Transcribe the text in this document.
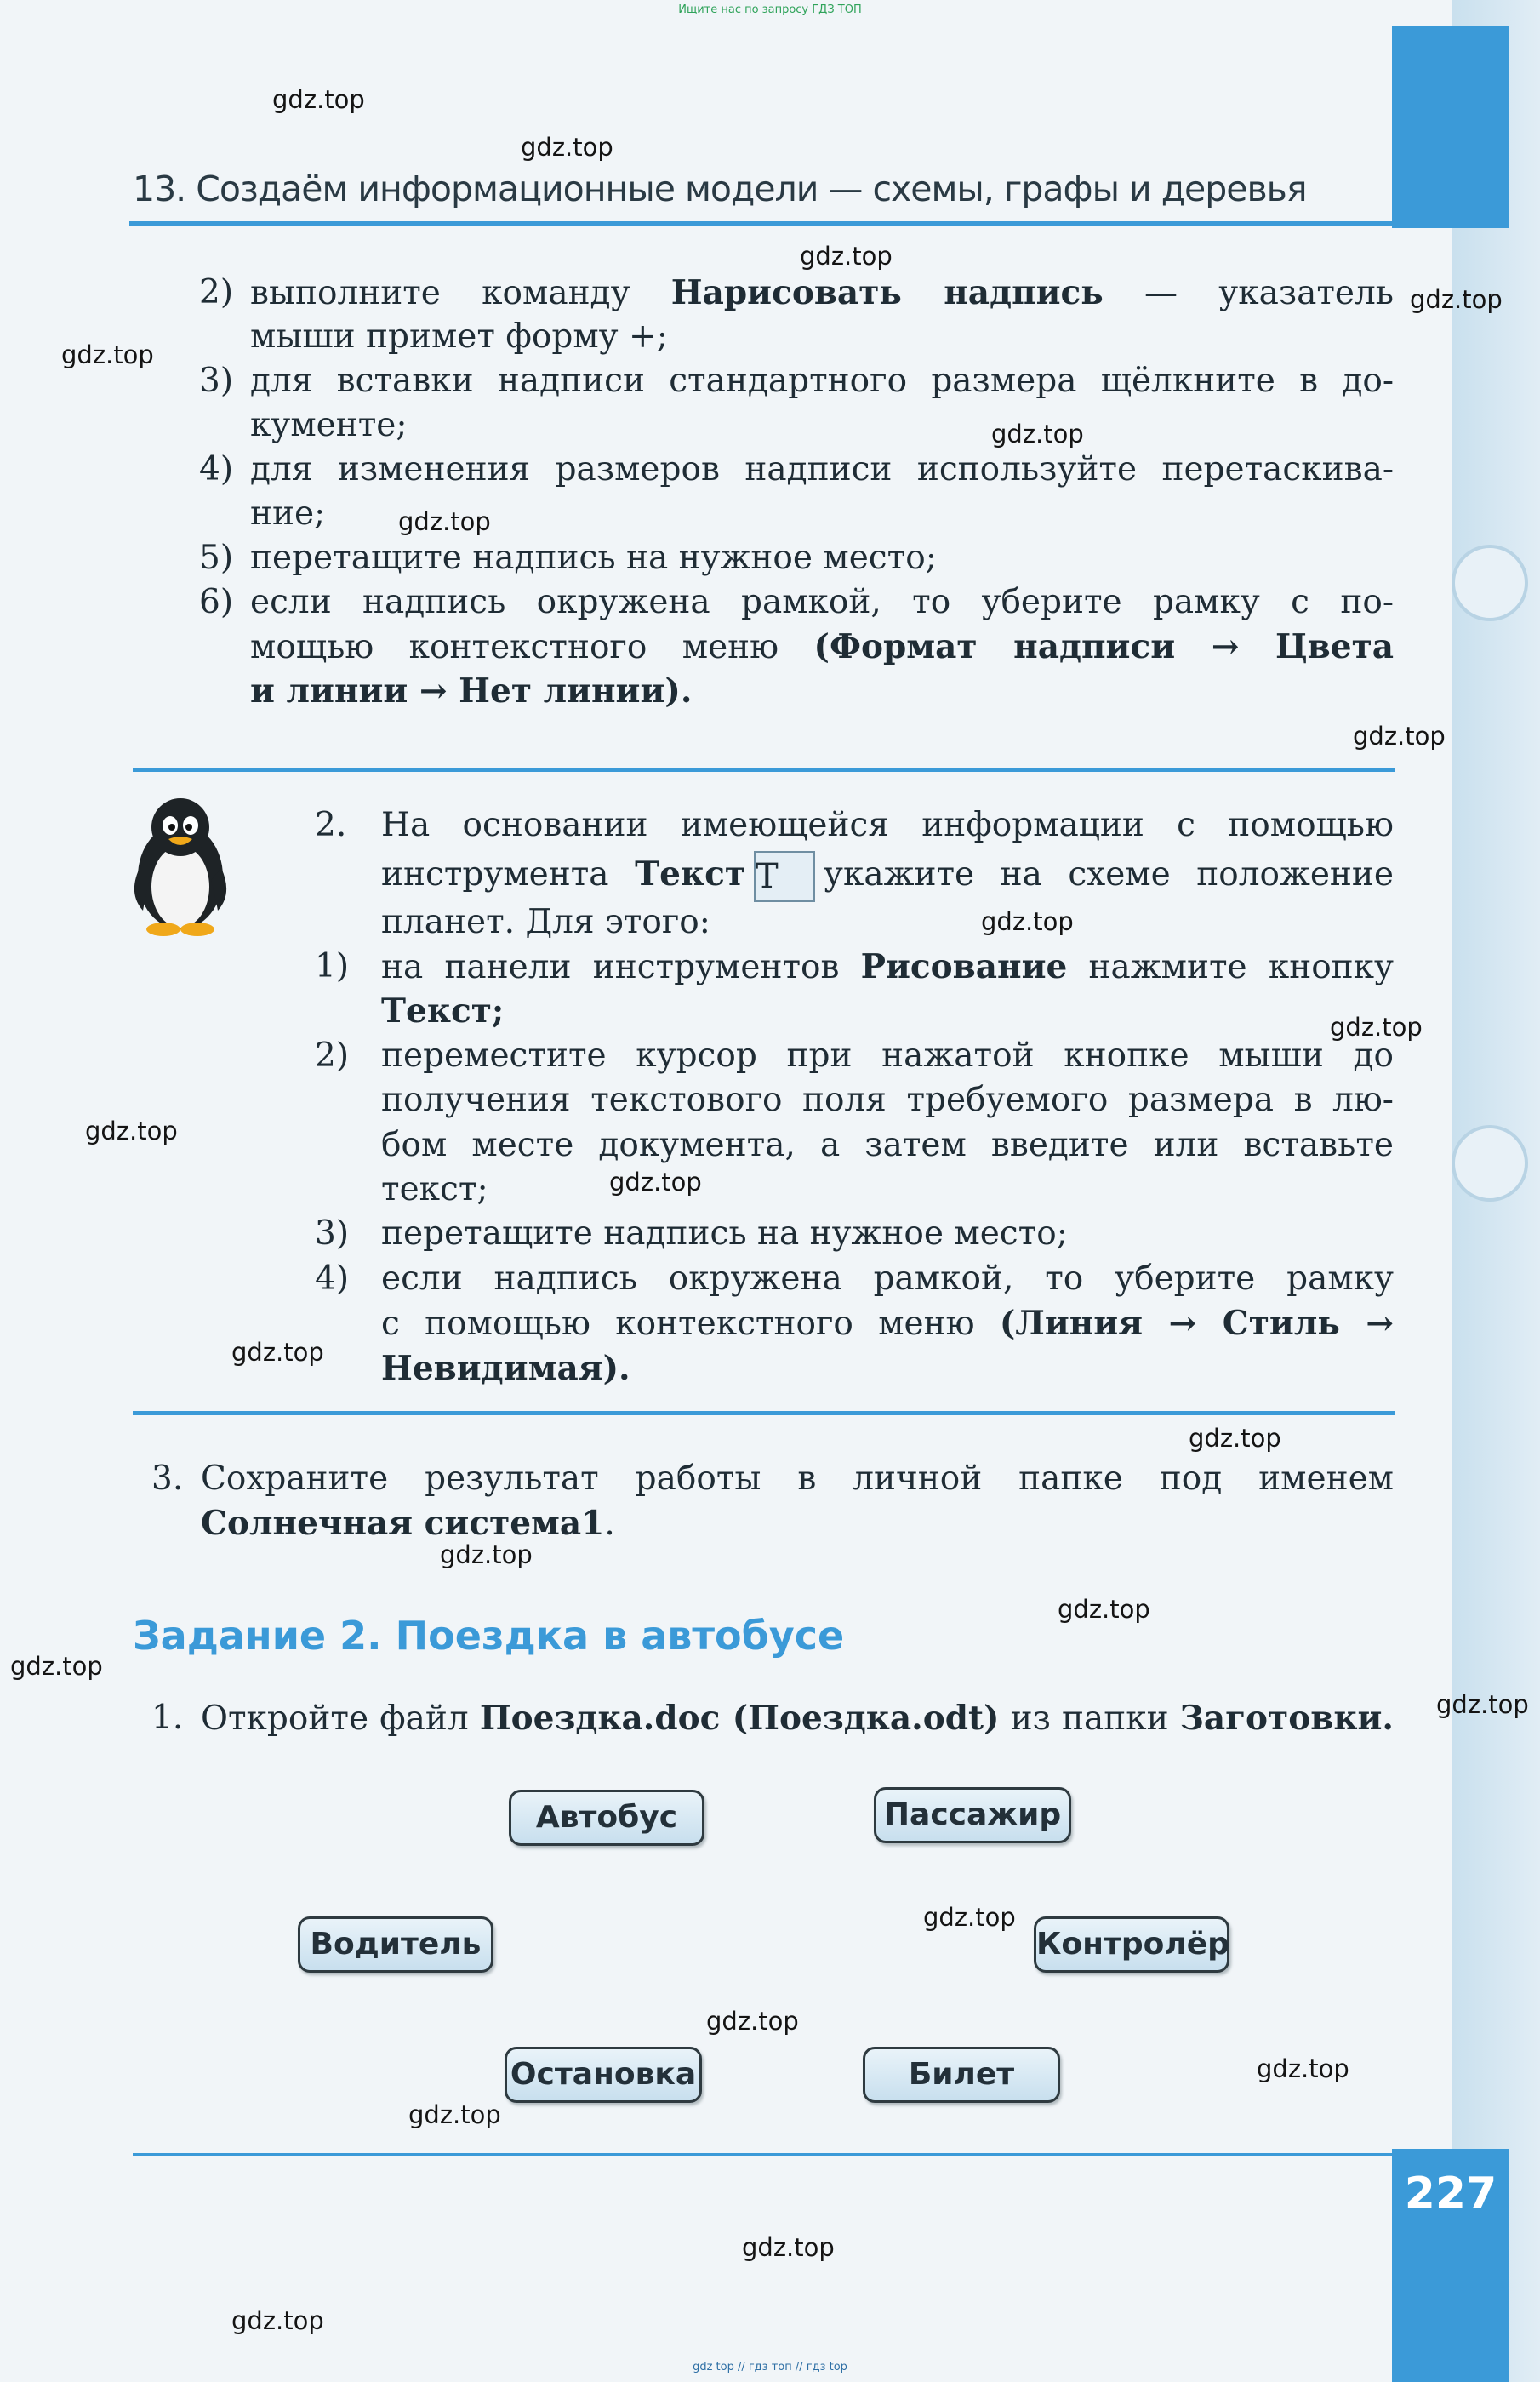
227
Ищите нас по запросу ГДЗ ТОП
13. Создаём информационные модели — схемы, графы и деревья
2) выполните команду Нарисовать надпись — указатель
мыши примет форму +;
3) для вставки надписи стандартного размера щёлкните в до-
кументе;
4) для изменения размеров надписи используйте перетаскива-
ние;
5) перетащите надпись на нужное место;
6) если надпись окружена рамкой, то уберите рамку с по-
мощью контекстного меню (Формат надписи → Цвета
и линии → Нет линии).
2. На основании имеющейся информации с помощью
инструмента Текст T укажите на схеме положение
планет. Для этого:
1) на панели инструментов Рисование нажмите кнопку
Текст;
2) переместите курсор при нажатой кнопке мыши до
получения текстового поля требуемого размера в лю-
бом месте документа, а затем введите или вставьте
текст;
3) перетащите надпись на нужное место;
4) если надпись окружена рамкой, то уберите рамку
с помощью контекстного меню (Линия → Стиль →
Невидимая).
3. Сохраните результат работы в личной папке под именем
Солнечная система1.
Задание 2. Поездка в автобусе
1. Откройте файл Поездка.doc (Поездка.odt) из папки Заготовки.
Автобус	Пассажир
Водитель	Контролёр
Остановка	Билет
gdz.top
gdz.top
gdz.top
gdz.top
gdz.top
gdz.top
gdz.top
gdz.top
gdz.top
gdz.top
gdz.top
gdz.top
gdz.top
gdz.top
gdz.top
gdz.top
gdz.top
gdz.top
gdz.top
gdz.top
gdz.top
gdz.top
gdz.top
gdz.top
gdz top // гдз топ // гдз top
